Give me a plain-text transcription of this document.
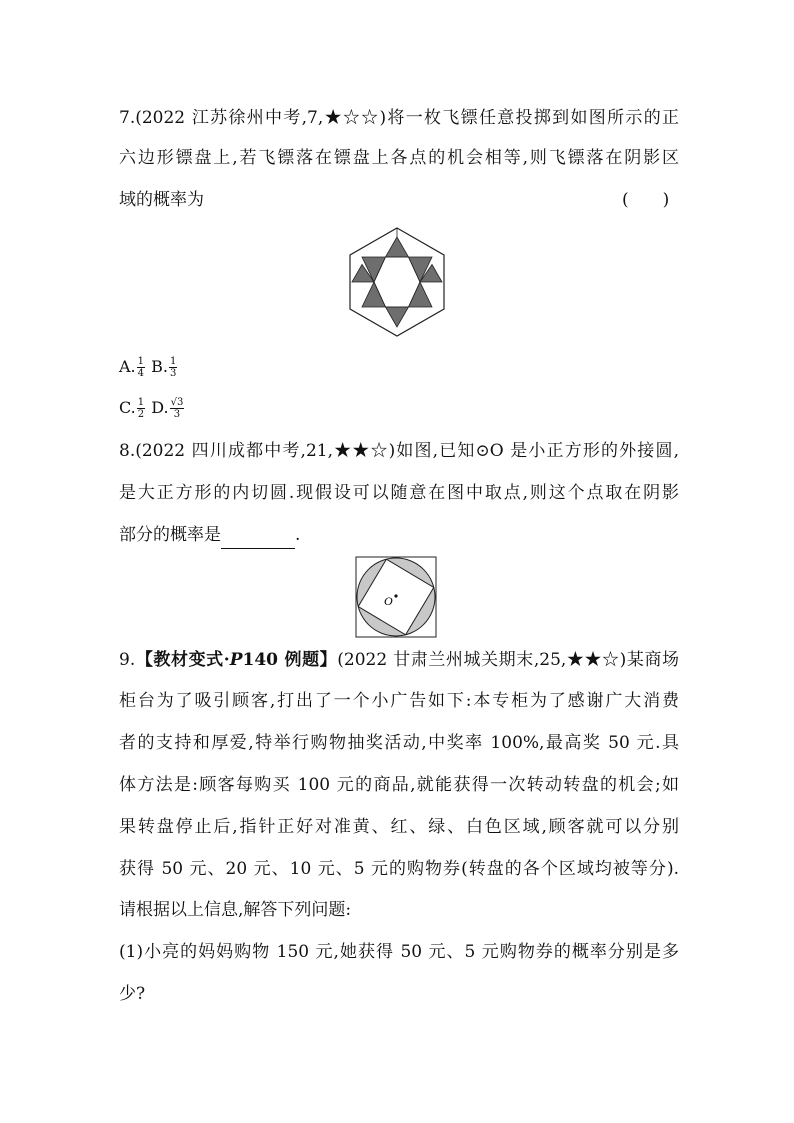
7.(2022 江苏徐州中考,7,★☆☆)将一枚飞镖任意投掷到如图所示的正
六边形镖盘上,若飞镖落在镖盘上各点的机会相等,则飞镖落在阴影区
域的概率为	(　　)
A. $\frac{1}{4} B$. $\frac{1}{3}$
C. $\frac{1}{2} D$. $\frac{√3}{3}$
8.(2022 四川成都中考,21,★★☆)如图,已知⊙O 是小正方形的外接圆,
是大正方形的内切圆.现假设可以随意在图中取点,则这个点取在阴影
部分的概率是	.
O
9.【教材变式·P140 例题】(2022 甘肃兰州城关期末,25,★★☆)某商场
柜台为了吸引顾客,打出了一个小广告如下:本专柜为了感谢广大消费
者的支持和厚爱,特举行购物抽奖活动,中奖率 100%,最高奖 50 元.具
体方法是:顾客每购买 100 元的商品,就能获得一次转动转盘的机会;如
果转盘停止后,指针正好对准黄、红、绿、白色区域,顾客就可以分别
获得 50 元、20 元、10 元、5 元的购物券(转盘的各个区域均被等分).
请根据以上信息,解答下列问题:
(1)小亮的妈妈购物 150 元,她获得 50 元、5 元购物券的概率分别是多
少?
